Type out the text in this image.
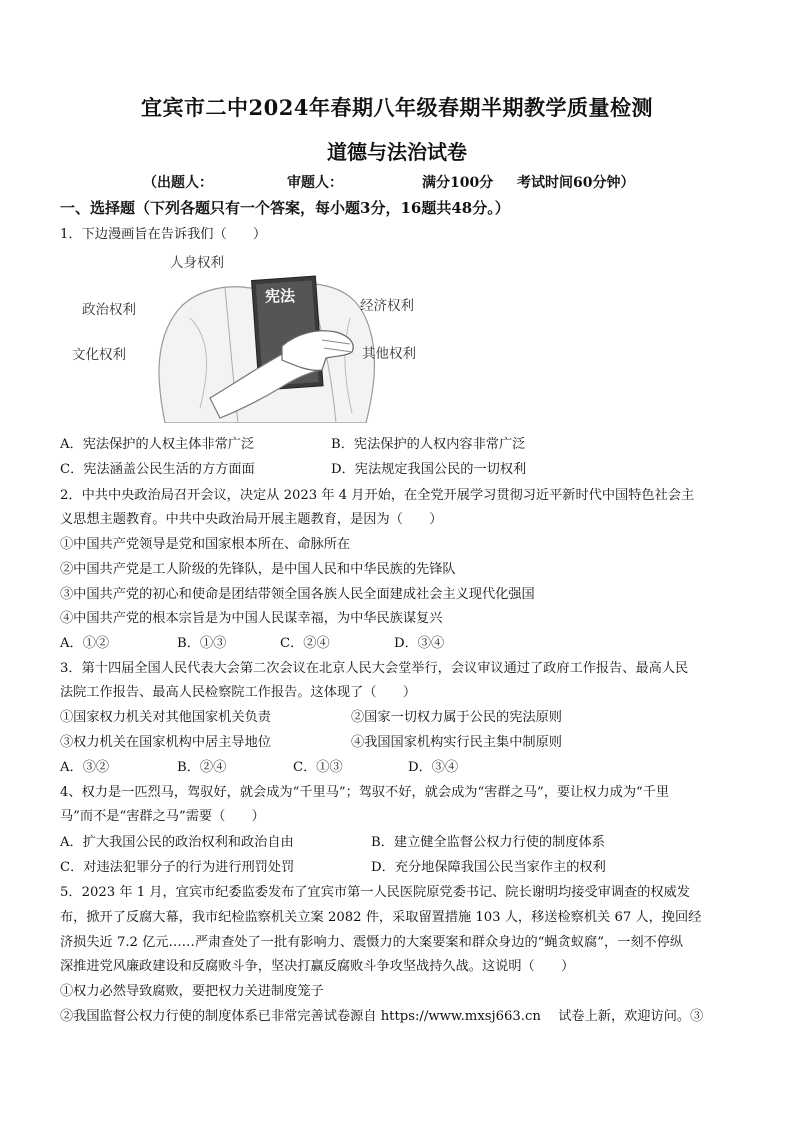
宜宾市二中2024年春期八年级春期半期教学质量检测
道德与法治试卷
（出题人：	审题人：	满分100分 考试时间60分钟）
一、选择题（下列各题只有一个答案，每小题3分，16题共48分。）
1．下边漫画旨在告诉我们（　　）
宪法
人身权利
政治权利	经济权利
文化权利	其他权利
A．宪法保护的人权主体非常广泛	B．宪法保护的人权内容非常广泛
C．宪法涵盖公民生活的方方面面	D．宪法规定我国公民的一切权利
2．中共中央政治局召开会议，决定从 2023 年 4 月开始，在全党开展学习贯彻习近平新时代中国特色社会主
义思想主题教育。中共中央政治局开展主题教育，是因为（　　）
①中国共产党领导是党和国家根本所在、命脉所在
②中国共产党是工人阶级的先锋队，是中国人民和中华民族的先锋队
③中国共产党的初心和使命是团结带领全国各族人民全面建成社会主义现代化强国
④中国共产党的根本宗旨是为中国人民谋幸福，为中华民族谋复兴
A．①②	B．①③	C．②④	D．③④
3．第十四届全国人民代表大会第二次会议在北京人民大会堂举行，会议审议通过了政府工作报告、最高人民
法院工作报告、最高人民检察院工作报告。这体现了（　　）
①国家权力机关对其他国家机关负责	②国家一切权力属于公民的宪法原则
③权力机关在国家机构中居主导地位	④我国国家机构实行民主集中制原则
A．③②	B．②④	C．①③	D．③④
4、权力是一匹烈马，驾驭好，就会成为“千里马”；驾驭不好，就会成为“害群之马”，要让权力成为“千里
马”而不是“害群之马”需要（　　）
A．扩大我国公民的政治权利和政治自由	B．建立健全监督公权力行使的制度体系
C．对违法犯罪分子的行为进行刑罚处罚	D．充分地保障我国公民当家作主的权利
5．2023 年 1 月，宜宾市纪委监委发布了宜宾市第一人民医院原党委书记、院长谢明均接受审调查的权威发
布，掀开了反腐大幕，我市纪检监察机关立案 2082 件，采取留置措施 103 人，移送检察机关 67 人，挽回经
济损失近 7.2 亿元……严肃查处了一批有影响力、震慑力的大案要案和群众身边的“蝇贪蚁腐”，一刻不停纵
深推进党风廉政建设和反腐败斗争，坚决打赢反腐败斗争攻坚战持久战。这说明（　　）
①权力必然导致腐败，要把权力关进制度笼子
②我国监督公权力行使的制度体系已非常完善试卷源自 https://www.mxsj663.cn　 试卷上新，欢迎访问。③
